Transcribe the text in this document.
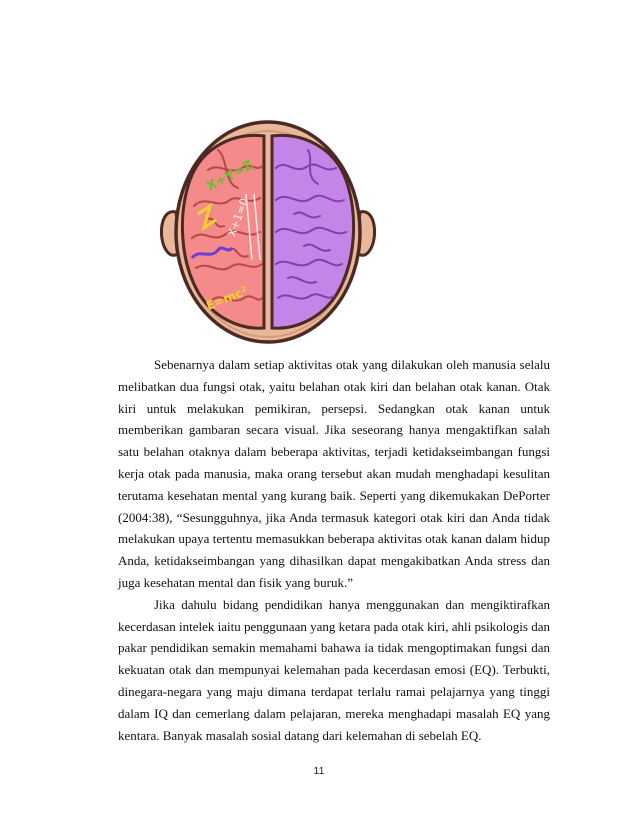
X+Y=Z
X+1=0
E=mc²

Sebenarnya dalam setiap aktivitas otak yang dilakukan oleh manusia selalu melibatkan dua fungsi otak, yaitu belahan otak kiri dan belahan otak kanan. Otak kiri untuk melakukan pemikiran, persepsi. Sedangkan otak kanan untuk memberikan gambaran secara visual. Jika seseorang hanya mengaktifkan salah satu belahan otaknya dalam beberapa aktivitas, terjadi ketidakseimbangan fungsi kerja otak pada manusia, maka orang tersebut akan mudah menghadapi kesulitan terutama kesehatan mental yang kurang baik. Seperti yang dikemukakan DePorter (2004:38), “Sesungguhnya, jika Anda termasuk kategori otak kiri dan Anda tidak melakukan upaya tertentu memasukkan beberapa aktivitas otak kanan dalam hidup Anda, ketidakseimbangan yang dihasilkan dapat mengakibatkan Anda stress dan juga kesehatan mental dan fisik yang buruk.”

Jika dahulu bidang pendidikan hanya menggunakan dan mengiktirafkan kecerdasan intelek iaitu penggunaan yang ketara pada otak kiri, ahli psikologis dan pakar pendidikan semakin memahami bahawa ia tidak mengoptimakan fungsi dan kekuatan otak dan mempunyai kelemahan pada kecerdasan emosi (EQ). Terbukti, dinegara-negara yang maju dimana terdapat terlalu ramai pelajarnya yang tinggi dalam IQ dan cemerlang dalam pelajaran, mereka menghadapi masalah EQ yang kentara. Banyak masalah sosial datang dari kelemahan di sebelah EQ.

11
